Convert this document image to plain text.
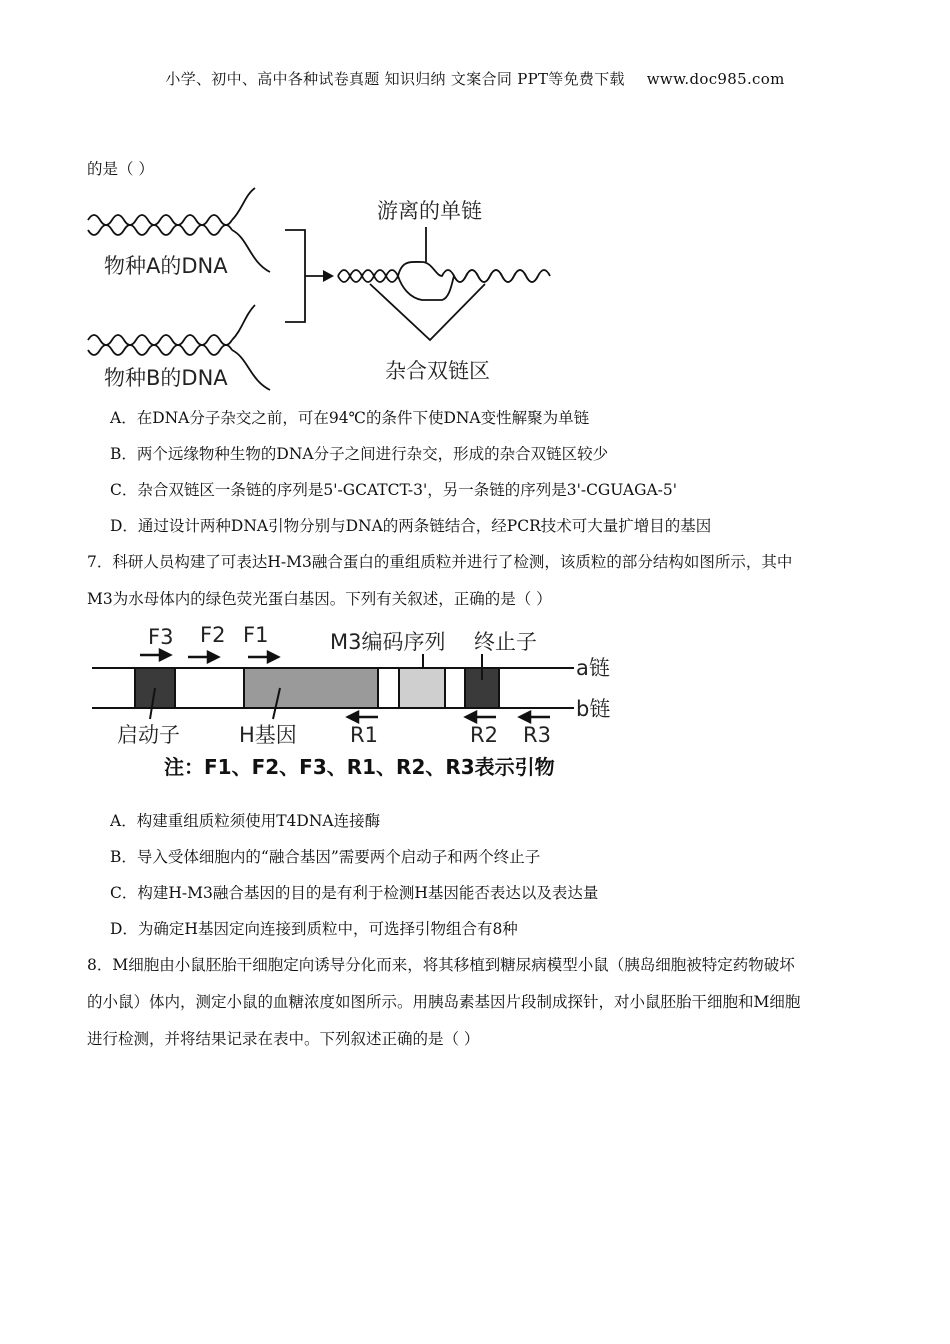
小学、初中、高中各种试卷真题 知识归纳 文案合同 PPT等免费下载 www.doc985.com
的是（ ）
物种A的DNA
物种B的DNA
游离的单链
杂合双链区
A．在DNA分子杂交之前，可在94℃的条件下使DNA变性解聚为单链
B．两个远缘物种生物的DNA分子之间进行杂交，形成的杂合双链区较少
C．杂合双链区一条链的序列是5'-GCATCT-3'，另一条链的序列是3'-CGUAGA-5'
D．通过设计两种DNA引物分别与DNA的两条链结合，经PCR技术可大量扩增目的基因
7．科研人员构建了可表达H-M3融合蛋白的重组质粒并进行了检测，该质粒的部分结构如图所示，其中
M3为水母体内的绿色荧光蛋白基因。下列有关叙述，正确的是（ ）
F3 F2 F1	M3编码序列 终止子
a链
b链
启动子	H基因	R1	R2 R3
注：F1、F2、F3、R1、R2、R3表示引物
A．构建重组质粒须使用T4DNA连接酶
B．导入受体细胞内的“融合基因”需要两个启动子和两个终止子
C．构建H-M3融合基因的目的是有利于检测H基因能否表达以及表达量
D．为确定H基因定向连接到质粒中，可选择引物组合有8种
8．M细胞由小鼠胚胎干细胞定向诱导分化而来，将其移植到糖尿病模型小鼠（胰岛细胞被特定药物破坏
的小鼠）体内，测定小鼠的血糖浓度如图所示。用胰岛素基因片段制成探针，对小鼠胚胎干细胞和M细胞
进行检测，并将结果记录在表中。下列叙述正确的是（ ）
